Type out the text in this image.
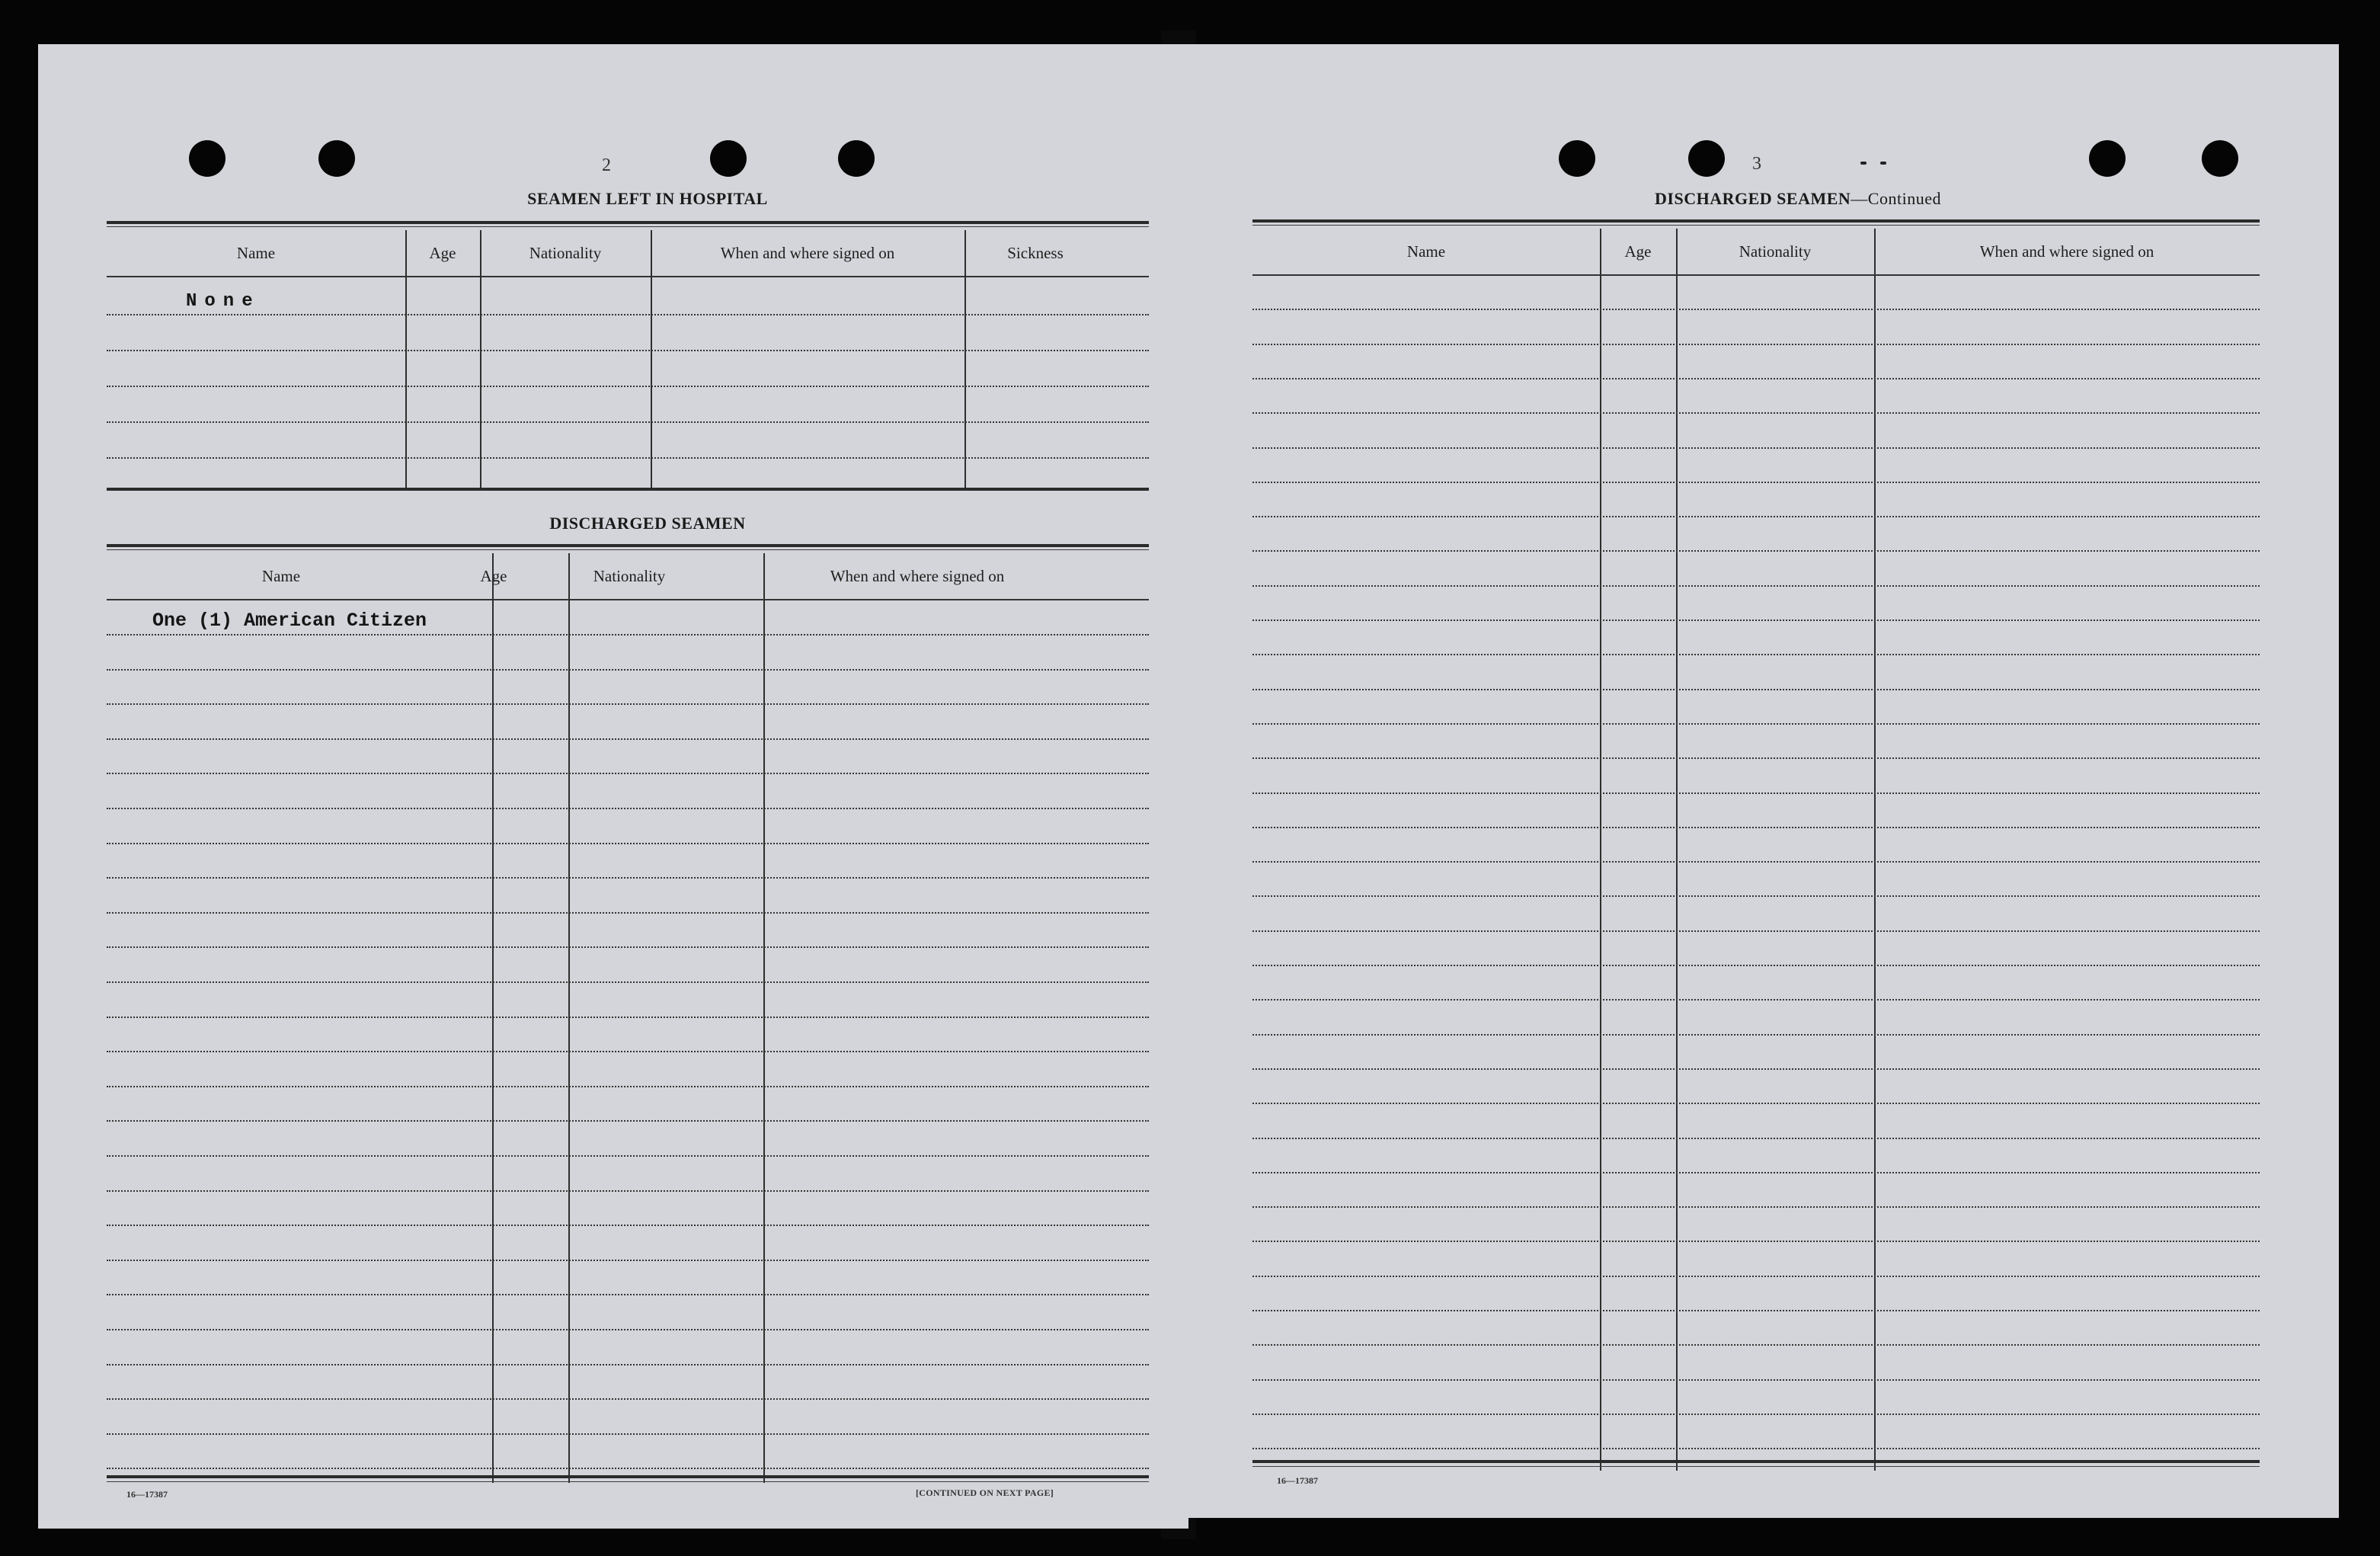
2
SEAMEN LEFT IN HOSPITAL
Name	Age	Nationality	When and where signed on	Sickness
None
DISCHARGED SEAMEN
Name	Age	Nationality	When and where signed on
One (1) American Citizen
16—17387	[CONTINUED ON NEXT PAGE]
3
DISCHARGED SEAMEN—Continued
Name	Age	Nationality	When and where signed on
16—17387
